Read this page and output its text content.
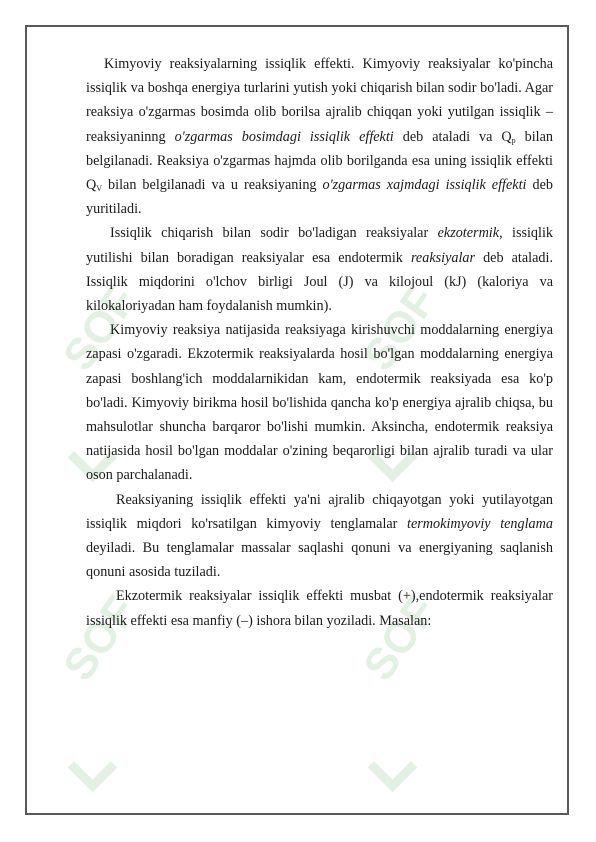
SOF	SOF
SOF	SOF

Kimyoviy reaksiyalarning issiqlik effekti. Kimyoviy reaksiyalar ko'pincha issiqlik va boshqa energiya turlarini yutish yoki chiqarish bilan sodir bo'ladi. Agar reaksiya o'zgarmas bosimda olib borilsa ajralib chiqqan yoki yutilgan issiqlik – reaksiyaninng o'zgarmas bosimdagi issiqlik effekti deb ataladi va $Q_p$ bilan belgilanadi. Reaksiya o'zgarmas hajmda olib borilganda esa uning issiqlik effekti $Q_V$ bilan belgilanadi va u reaksiyaning o'zgarmas xajmdagi issiqlik effekti deb yuritiladi.

Issiqlik chiqarish bilan sodir bo'ladigan reaksiyalar ekzotermik, issiqlik yutilishi bilan boradigan reaksiyalar esa endotermik reaksiyalar deb ataladi. Issiqlik miqdorini o'lchov birligi Joul (J) va kilojoul (kJ) (kaloriya va kilokaloriyadan ham foydalanish mumkin).

Kimyoviy reaksiya natijasida reaksiyaga kirishuvchi moddalarning energiya zapasi o'zgaradi. Ekzotermik reaksiyalarda hosil bo'lgan moddalarning energiya zapasi boshlang'ich moddalarnikidan kam, endotermik reaksiyada esa ko'p bo'ladi. Kimyoviy birikma hosil bo'lishida qancha ko'p energiya ajralib chiqsa, bu mahsulotlar shuncha barqaror bo'lishi mumkin. Aksincha, endotermik reaksiya natijasida hosil bo'lgan moddalar o'zining beqarorligi bilan ajralib turadi va ular oson parchalanadi.

Reaksiyaning issiqlik effekti ya'ni ajralib chiqayotgan yoki yutilayotgan issiqlik miqdori ko'rsatilgan kimyoviy tenglamalar termokimyoviy tenglama deyiladi. Bu tenglamalar massalar saqlashi qonuni va energiyaning saqlanish qonuni asosida tuziladi.

Ekzotermik reaksiyalar issiqlik effekti musbat (+),endotermik reaksiyalar issiqlik effekti esa manfiy (–) ishora bilan yoziladi. Masalan:
